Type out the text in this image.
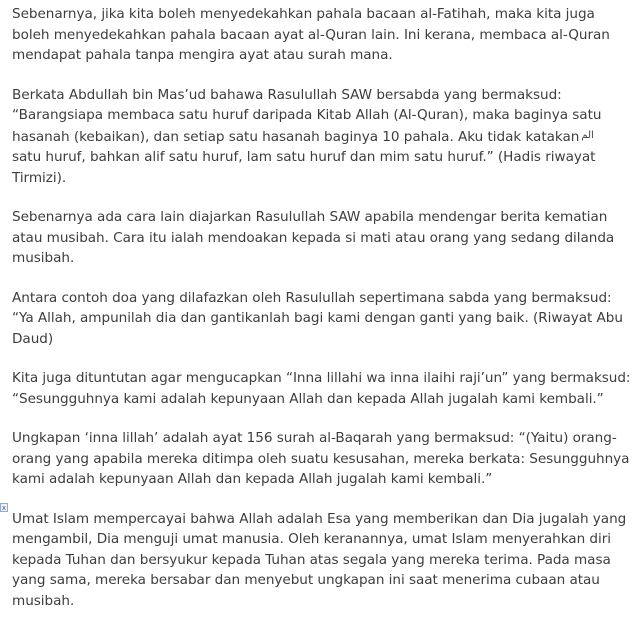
Sebenarnya, jika kita boleh menyedekahkan pahala bacaan al-Fatihah, maka kita juga boleh menyedekahkan pahala bacaan ayat al-Quran lain. Ini kerana, membaca al-Quran mendapat pahala tanpa mengira ayat atau surah mana.

Berkata Abdullah bin Mas’ud bahawa Rasulullah SAW bersabda yang bermaksud: “Barangsiapa membaca satu huruf daripada Kitab Allah (Al-Quran), maka baginya satu hasanah (kebaikan), dan setiap satu hasanah baginya 10 pahala. Aku tidak katakan $^{الم}$
satu huruf, bahkan alif satu huruf, lam satu huruf dan mim satu huruf.” (Hadis riwayat Tirmizi).

Sebenarnya ada cara lain diajarkan Rasulullah SAW apabila mendengar berita kematian atau musibah. Cara itu ialah mendoakan kepada si mati atau orang yang sedang dilanda musibah.

Antara contoh doa yang dilafazkan oleh Rasulullah sepertimana sabda yang bermaksud: “Ya Allah, ampunilah dia dan gantikanlah bagi kami dengan ganti yang baik. (Riwayat Abu Daud)

Kita juga dituntutan agar mengucapkan “Inna lillahi wa inna ilaihi raji’un” yang bermaksud: “Sesungguhnya kami adalah kepunyaan Allah dan kepada Allah jugalah kami kembali.”

Ungkapan ‘inna lillah’ adalah ayat 156 surah al-Baqarah yang bermaksud: “(Yaitu) orang-orang yang apabila mereka ditimpa oleh suatu kesusahan, mereka berkata: Sesungguhnya kami adalah kepunyaan Allah dan kepada Allah jugalah kami kembali.”

Umat Islam mempercayai bahwa Allah adalah Esa yang memberikan dan Dia jugalah yang mengambil, Dia menguji umat manusia. Oleh keranannya, umat Islam menyerahkan diri kepada Tuhan dan bersyukur kepada Tuhan atas segala yang mereka terima. Pada masa yang sama, mereka bersabar dan menyebut ungkapan ini saat menerima cubaan atau musibah.

x
